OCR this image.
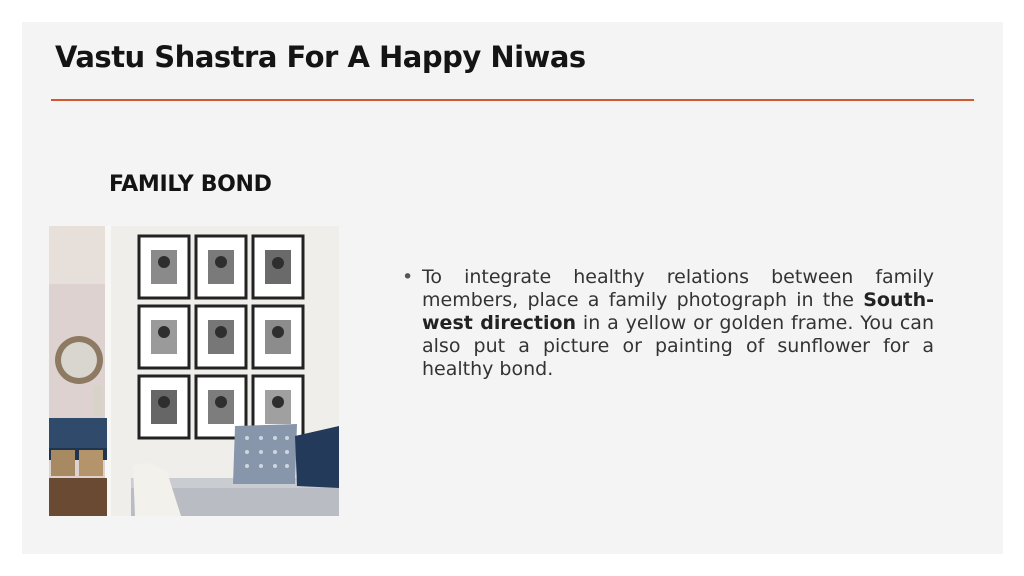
Vastu Shastra For A Happy Niwas
FAMILY BOND
• To integrate healthy relations between family members, place a family photograph in the South-west direction in a yellow or golden frame. You can also put a picture or painting of sunflower for a healthy bond.
